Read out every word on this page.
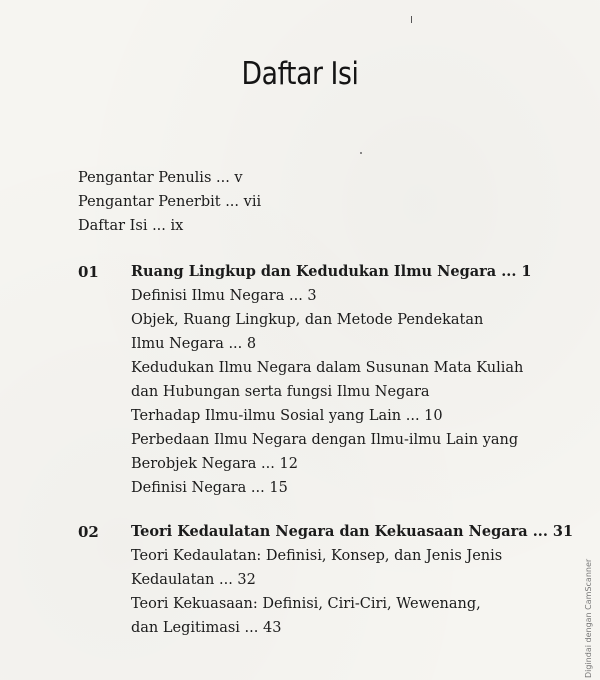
Daftar Isi
Pengantar Penulis ... v
Pengantar Penerbit ... vii
Daftar Isi ... ix
01 Ruang Lingkup dan Kedudukan Ilmu Negara ... 1
Definisi Ilmu Negara ... 3
Objek, Ruang Lingkup, dan Metode Pendekatan
Ilmu Negara ... 8
Kedudukan Ilmu Negara dalam Susunan Mata Kuliah
dan Hubungan serta fungsi Ilmu Negara
Terhadap Ilmu-ilmu Sosial yang Lain ... 10
Perbedaan Ilmu Negara dengan Ilmu-ilmu Lain yang
Berobjek Negara ... 12
Definisi Negara ... 15
02 Teori Kedaulatan Negara dan Kekuasaan Negara ... 31
Teori Kedaulatan: Definisi, Konsep, dan Jenis Jenis
Kedaulatan ... 32
Teori Kekuasaan: Definisi, Ciri-Ciri, Wewenang,
dan Legitimasi ... 43	Digindai dengan CamScanner
